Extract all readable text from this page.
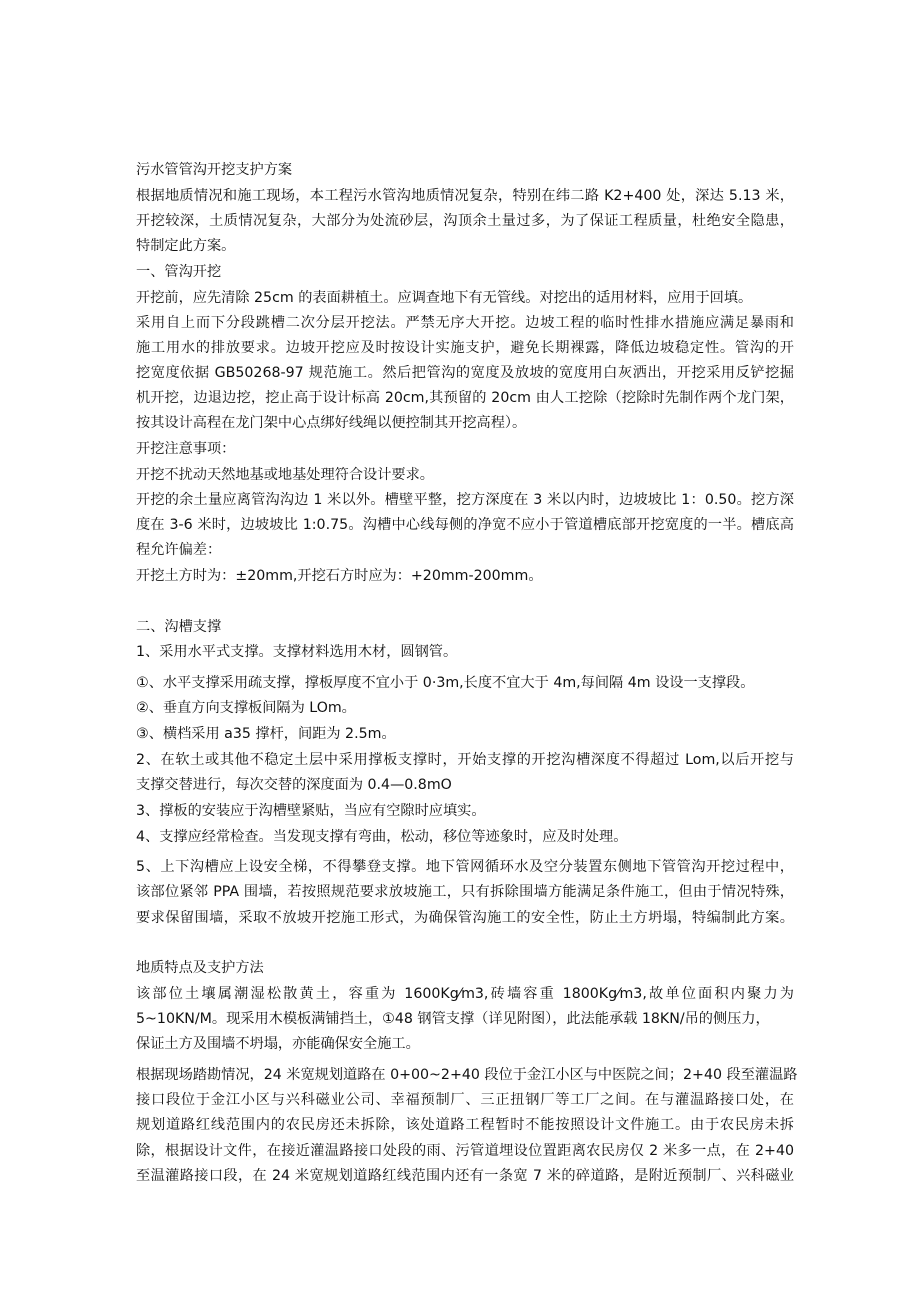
污水管管沟开挖支护方案

根据地质情况和施工现场，本工程污水管沟地质情况复杂，特别在纬二路 K2+400 处，深达 5.13 米，

开挖较深，土质情况复杂，大部分为处流砂层，沟顶余土量过多，为了保证工程质量，杜绝安全隐患，

特制定此方案。

一、管沟开挖

开挖前，应先清除 25cm 的表面耕植土。应调查地下有无管线。对挖出的适用材料，应用于回填。

采用自上而下分段跳槽二次分层开挖法。严禁无序大开挖。边坡工程的临时性排水措施应满足暴雨和

施工用水的排放要求。边坡开挖应及时按设计实施支护，避免长期裸露，降低边坡稳定性。管沟的开

挖宽度依据 GB50268-97 规范施工。然后把管沟的宽度及放坡的宽度用白灰洒出，开挖采用反铲挖掘

机开挖，边退边挖，挖止高于设计标高 20cm,其预留的 20cm 由人工挖除（挖除时先制作两个龙门架，

按其设计高程在龙门架中心点绑好线绳以便控制其开挖高程）。

开挖注意事项：

开挖不扰动天然地基或地基处理符合设计要求。

开挖的余土量应离管沟沟边 1 米以外。槽壁平整，挖方深度在 3 米以内时，边坡坡比 1：0.50。挖方深

度在 3-6 米时，边坡坡比 1:0.75。沟槽中心线每侧的净宽不应小于管道槽底部开挖宽度的一半。槽底高

程允许偏差：

开挖土方时为：±20mm,开挖石方时应为：+20mm-200mm。

二、沟槽支撑

1、采用水平式支撑。支撑材料选用木材，圆钢管。

①、水平支撑采用疏支撑，撑板厚度不宜小于 0·3m,长度不宜大于 4m,每间隔 4m 设设一支撑段。

②、垂直方向支撑板间隔为 LOm。

③、横档采用 a35 撑杆，间距为 2.5m。

2、在软土或其他不稳定土层中采用撑板支撑时，开始支撑的开挖沟槽深度不得超过 Lom,以后开挖与

支撑交替进行，每次交替的深度面为 0.4—0.8mO

3、撑板的安装应于沟槽壁紧贴，当应有空隙时应填实。

4、支撑应经常检查。当发现支撑有弯曲，松动，移位等迹象时，应及时处理。

5、上下沟槽应上设安全梯，不得攀登支撑。地下管网循环水及空分装置东侧地下管管沟开挖过程中，

该部位紧邻 PPA 围墙，若按照规范要求放坡施工，只有拆除围墙方能满足条件施工，但由于情况特殊，

要求保留围墙，采取不放坡开挖施工形式，为确保管沟施工的安全性，防止土方坍塌，特编制此方案。

地质特点及支护方法

该部位土壤属潮湿松散黄土，容重为 1600Kg⁄m3,砖墙容重 1800Kg⁄m3,故单位面积内聚力为

5~10KN/M。现采用木模板满铺挡土，①48 钢管支撑（详见附图），此法能承载 18KN/吊的侧压力，

保证土方及围墙不坍塌，亦能确保安全施工。

根据现场踏勘情况，24 米宽规划道路在 0+00~2+40 段位于金江小区与中医院之间；2+40 段至灌温路

接口段位于金江小区与兴科磁业公司、幸福预制厂、三正扭钢厂等工厂之间。在与灌温路接口处，在

规划道路红线范围内的农民房还未拆除，该处道路工程暂时不能按照设计文件施工。由于农民房未拆

除，根据设计文件，在接近灌温路接口处段的雨、污管道埋设位置距离农民房仅 2 米多一点，在 2+40

至温灌路接口段，在 24 米宽规划道路红线范围内还有一条宽 7 米的碎道路，是附近预制厂、兴科磁业
